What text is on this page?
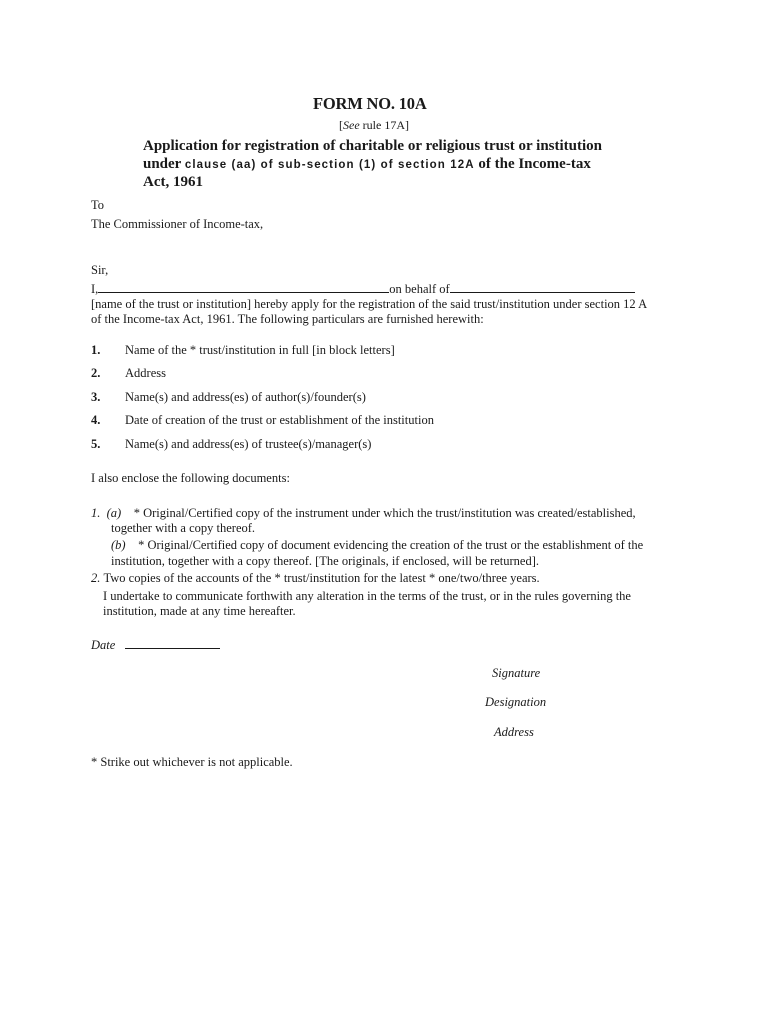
FORM NO. 10A
[See rule 17A]
Application for registration of charitable or religious trust or institution
under clause (aa) of sub-section (1) of section 12A of the Income-tax
Act, 1961
To
The Commissioner of Income-tax,
Sir,
I,	on behalf of
[name of the trust or institution] hereby apply for the registration of the said trust/institution under section 12 A
of the Income-tax Act, 1961. The following particulars are furnished herewith:
1. Name of the * trust/institution in full [in block letters]
2. Address
3. Name(s) and address(es) of author(s)/founder(s)
4. Date of creation of the trust or establishment of the institution
5. Name(s) and address(es) of trustee(s)/manager(s)
I also enclose the following documents:
1. (a) * Original/Certified copy of the instrument under which the trust/institution was created/established,
together with a copy thereof.
(b) * Original/Certified copy of document evidencing the creation of the trust or the establishment of the
institution, together with a copy thereof. [The originals, if enclosed, will be returned].
2. Two copies of the accounts of the * trust/institution for the latest * one/two/three years.
I undertake to communicate forthwith any alteration in the terms of the trust, or in the rules governing the
institution, made at any time hereafter.
Date
Signature
Designation
Address
* Strike out whichever is not applicable.
